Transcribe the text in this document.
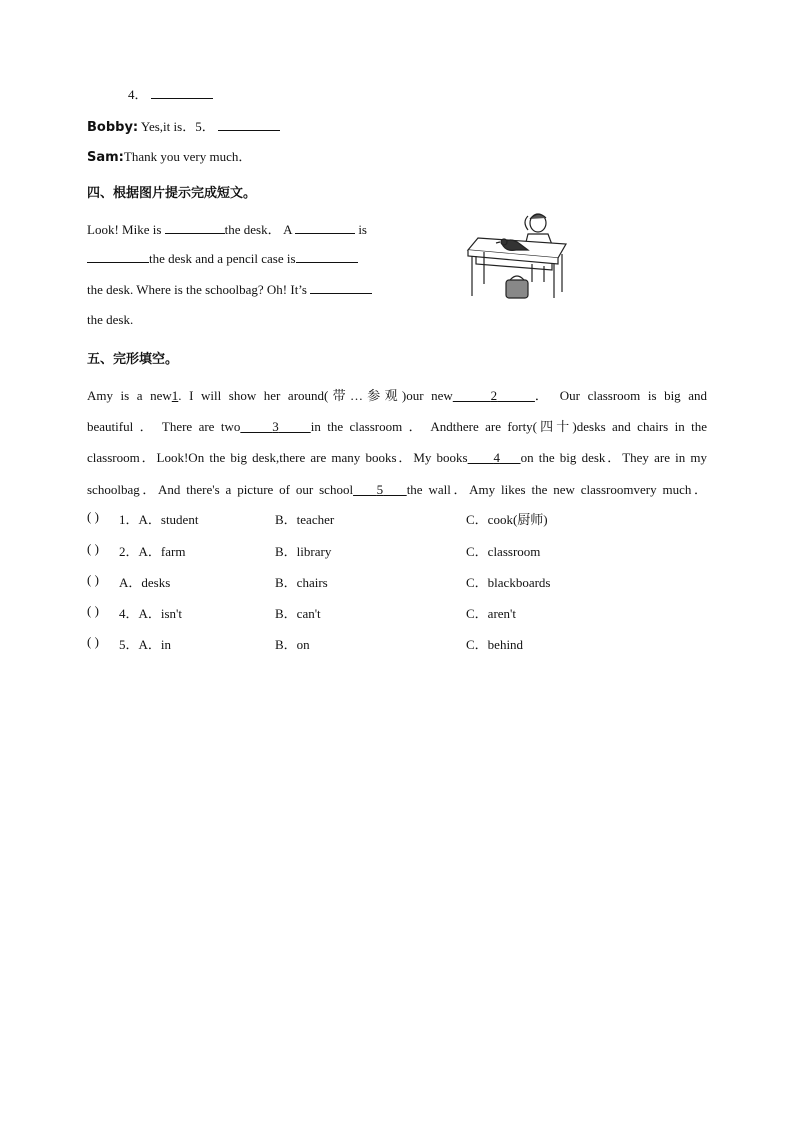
4．
Bobby: Yes,it is．5．
Sam:Thank you very much．
四、根据图片提示完成短文。
Look! Mike is	the desk． A	is
the desk and a pencil case is
the desk. Where is the schoolbag? Oh! It’s
the desk.
五、完形填空。
Amy is a new1. I will show her around(带…参观)our new	2	． Our classroom is big and
beautiful ． There are two 3 in the classroom ． Andthere are forty(四十)desks and chairs in the
classroom．Look!On the big desk,there are many books．My books 4 on the big desk．They are in my
schoolbag．And there's a picture of our school 5 the wall．Amy likes the new classroomvery much．
( ) 1．A．student	B．teacher	C．cook(厨师)
( ) 2．A．farm	B．library	C．classroom
( ) A．desks	B．chairs	C．blackboards
( ) 4．A．isn't	B．can't	C．aren't
( ) 5．A．in	B．on	C．behind
